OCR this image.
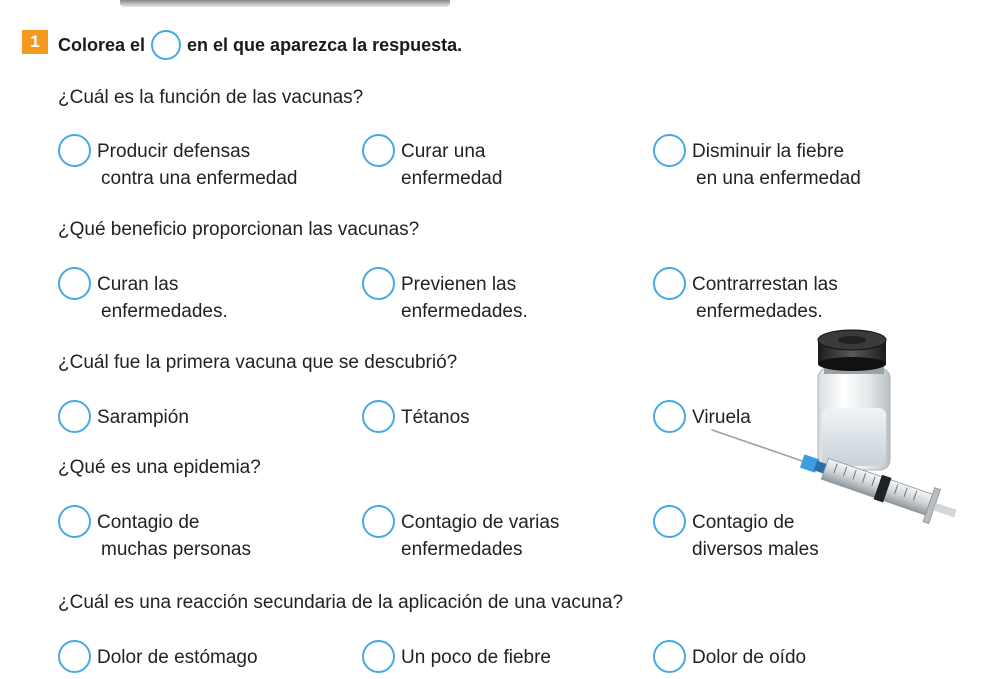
1	Colorea el en el que aparezca la respuesta.
¿Cuál es la función de las vacunas?
Producir defensas
contra una enfermedad
Curar una
enfermedad
Disminuir la fiebre
en una enfermedad
¿Qué beneficio proporcionan las vacunas?
Curan las
enfermedades.
Previenen las
enfermedades.
Contrarrestan las
enfermedades.
¿Cuál fue la primera vacuna que se descubrió?
Sarampión	Tétanos	Viruela
¿Qué es una epidemia?
Contagio de
muchas personas
Contagio de varias
enfermedades
Contagio de
diversos males
¿Cuál es una reacción secundaria de la aplicación de una vacuna?
Dolor de estómago	Un poco de fiebre	Dolor de oído
